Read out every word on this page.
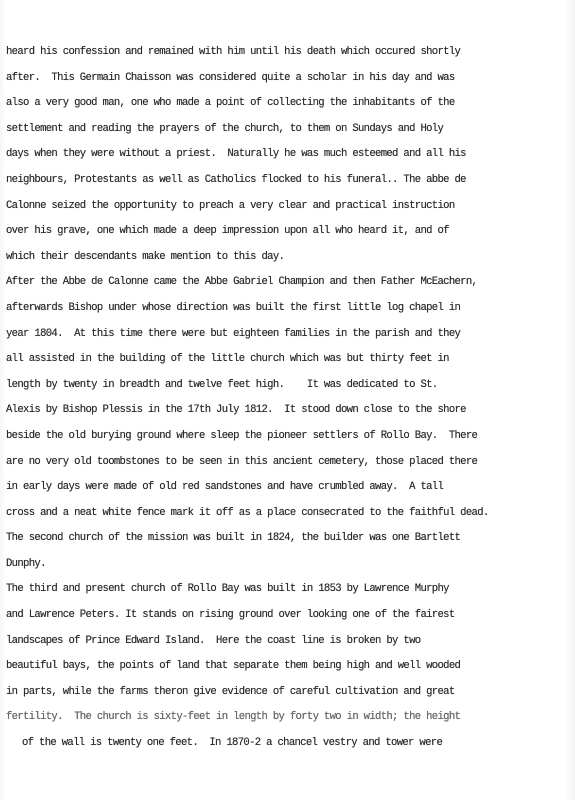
heard his confession and remained with him until his death which occured shortly
after.  This Germain Chaisson was considered quite a scholar in his day and was
also a very good man, one who made a point of collecting the inhabitants of the
settlement and reading the prayers of the church, to them on Sundays and Holy
days when they were without a priest.  Naturally he was much esteemed and all his
neighbours, Protestants as well as Catholics flocked to his funeral.. The abbe de
Calonne seized the opportunity to preach a very clear and practical instruction
over his grave, one which made a deep impression upon all who heard it, and of
which their descendants make mention to this day.
After the Abbe de Calonne came the Abbe Gabriel Champion and then Father McEachern,
afterwards Bishop under whose direction was built the first little log chapel in
year 1804.  At this time there were but eighteen families in the parish and they
all assisted in the building of the little church which was but thirty feet in
length by twenty in breadth and twelve feet high.    It was dedicated to St.
Alexis by Bishop Plessis in the 17th July 1812.  It stood down close to the shore
beside the old burying ground where sleep the pioneer settlers of Rollo Bay.  There
are no very old toombstones to be seen in this ancient cemetery, those placed there
in early days were made of old red sandstones and have crumbled away.  A tall
cross and a neat white fence mark it off as a place consecrated to the faithful dead.
The second church of the mission was built in 1824, the builder was one Bartlett
Dunphy.
The third and present church of Rollo Bay was built in 1853 by Lawrence Murphy
and Lawrence Peters. It stands on rising ground over looking one of the fairest
landscapes of Prince Edward Island.  Here the coast line is broken by two
beautiful bays, the points of land that separate them being high and well wooded
in parts, while the farms theron give evidence of careful cultivation and great
fertility.  The church is sixty-feet in length by forty two in width; the height
of the wall is twenty one feet.  In 1870-2 a chancel vestry and tower were
